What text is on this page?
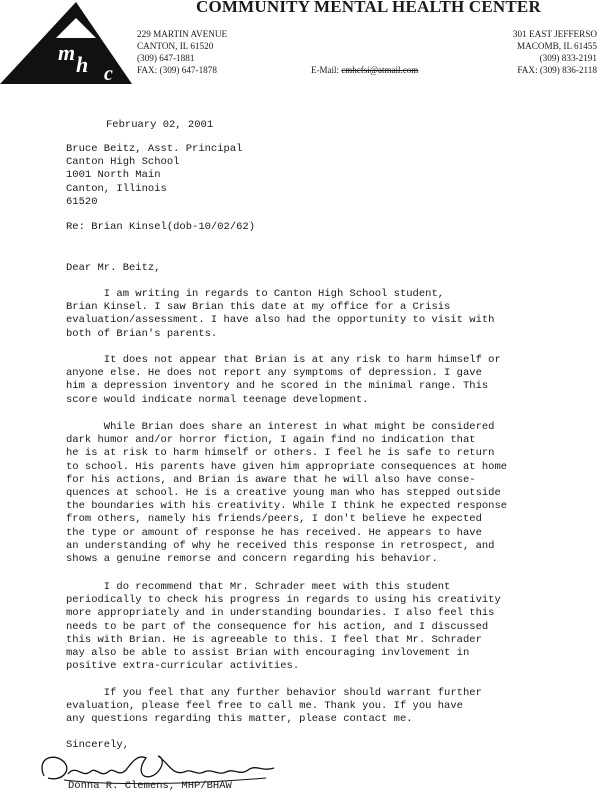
c m h c
COMMUNITY MENTAL HEALTH CENTER
229 MARTIN AVENUE
CANTON, IL 61520
(309) 647-1881
FAX: (309) 647-1878
301 EAST JEFFERSO
MACOMB, IL 61455
(309) 833-2191
FAX: (309) 836-2118
E-Mail: cmhcfsi@atmail.com
February 02, 2001
Bruce Beitz, Asst. Principal
Canton High School
1001 North Main
Canton, Illinois
61520
Re: Brian Kinsel(dob-10/02/62)
Dear Mr. Beitz,
I am writing in regards to Canton High School student,
Brian Kinsel. I saw Brian this date at my office for a Crisis
evaluation/assessment. I have also had the opportunity to visit with
both of Brian's parents.
It does not appear that Brian is at any risk to harm himself or
anyone else. He does not report any symptoms of depression. I gave
him a depression inventory and he scored in the minimal range. This
score would indicate normal teenage development.
While Brian does share an interest in what might be considered
dark humor and/or horror fiction, I again find no indication that
he is at risk to harm himself or others. I feel he is safe to return
to school. His parents have given him appropriate consequences at home
for his actions, and Brian is aware that he will also have conse-
quences at school. He is a creative young man who has stepped outside
the boundaries with his creativity. While I think he expected response
from others, namely his friends/peers, I don't believe he expected
the type or amount of response he has received. He appears to have
an understanding of why he received this response in retrospect, and
shows a genuine remorse and concern regarding his behavior.
I do recommend that Mr. Schrader meet with this student
periodically to check his progress in regards to using his creativity
more appropriately and in understanding boundaries. I also feel this
needs to be part of the consequence for his action, and I discussed
this with Brian. He is agreeable to this. I feel that Mr. Schrader
may also be able to assist Brian with encouraging invlovement in
positive extra-curricular activities.
If you feel that any further behavior should warrant further
evaluation, please feel free to call me. Thank you. If you have
any questions regarding this matter, please contact me.
Sincerely,
Donna R. Clemens, MHP/BHAW
